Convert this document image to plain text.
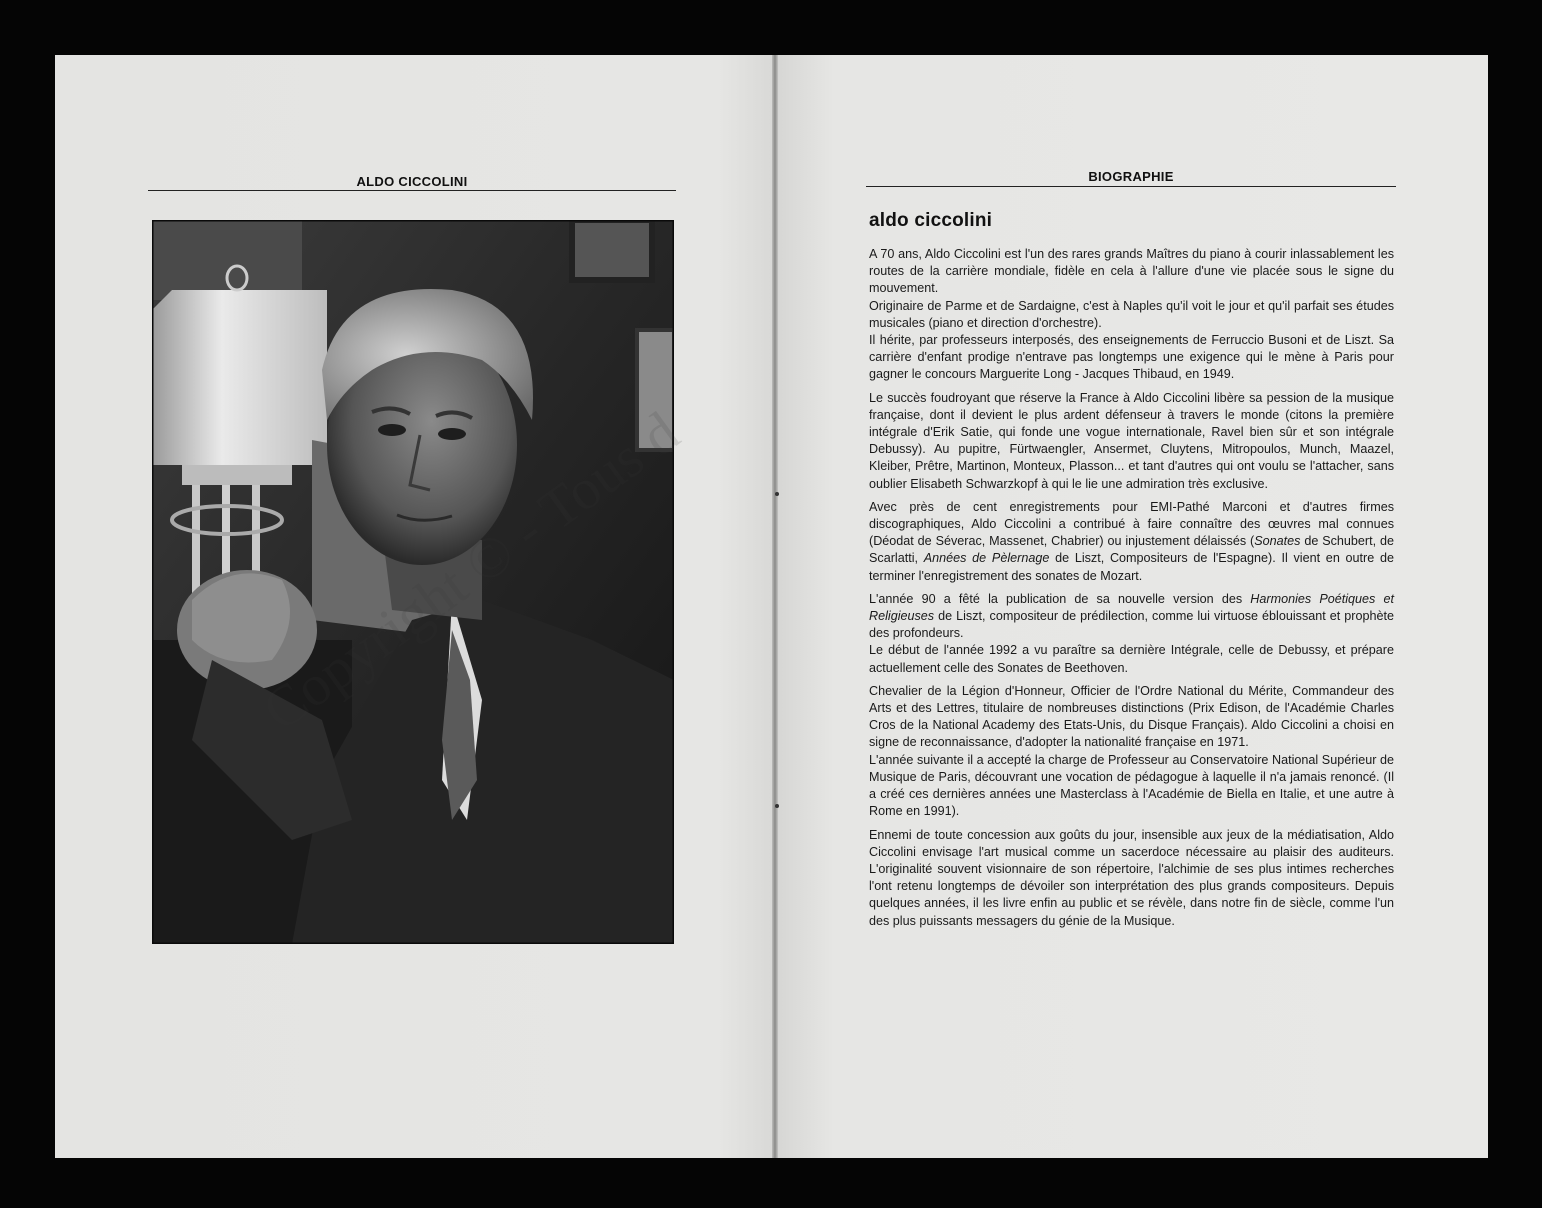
ALDO CICCOLINI	BIOGRAPHIE
aldo ciccolini

A 70 ans, Aldo Ciccolini est l'un des rares grands Maîtres du piano à courir inlassablement les routes de la carrière mondiale, fidèle en cela à l'allure d'une vie placée sous le signe du mouvement.
Originaire de Parme et de Sardaigne, c'est à Naples qu'il voit le jour et qu'il parfait ses études musicales (piano et direction d'orchestre).
Il hérite, par professeurs interposés, des enseignements de Ferruccio Busoni et de Liszt. Sa carrière d'enfant prodige n'entrave pas longtemps une exigence qui le mène à Paris pour gagner le concours Marguerite Long - Jacques Thibaud, en 1949.

Le succès foudroyant que réserve la France à Aldo Ciccolini libère sa pession de la musique française, dont il devient le plus ardent défenseur à travers le monde (citons la première intégrale d'Erik Satie, qui fonde une vogue internationale, Ravel bien sûr et son intégrale Debussy). Au pupitre, Fürtwaengler, Ansermet, Cluytens, Mitropoulos, Munch, Maazel, Kleiber, Prêtre, Martinon, Monteux, Plasson... et tant d'autres qui ont voulu se l'attacher, sans oublier Elisabeth Schwarzkopf à qui le lie une admiration très exclusive.

Avec près de cent enregistrements pour EMI-Pathé Marconi et d'autres firmes discographiques, Aldo Ciccolini a contribué à faire connaître des œuvres mal connues (Déodat de Séverac, Massenet, Chabrier) ou injustement délaissés (Sonates de Schubert, de Scarlatti, Années de Pèlernage de Liszt, Compositeurs de l'Espagne). Il vient en outre de terminer l'enregistrement des sonates de Mozart.

L'année 90 a fêté la publication de sa nouvelle version des Harmonies Poétiques et Religieuses de Liszt, compositeur de prédilection, comme lui virtuose éblouissant et prophète des profondeurs.
Le début de l'année 1992 a vu paraître sa dernière Intégrale, celle de Debussy, et prépare actuellement celle des Sonates de Beethoven.

Chevalier de la Légion d'Honneur, Officier de l'Ordre National du Mérite, Commandeur des Arts et des Lettres, titulaire de nombreuses distinctions (Prix Edison, de l'Académie Charles Cros de la National Academy des Etats-Unis, du Disque Français). Aldo Ciccolini a choisi en signe de reconnaissance, d'adopter la nationalité française en 1971.
L'année suivante il a accepté la charge de Professeur au Conservatoire National Supérieur de Musique de Paris, découvrant une vocation de pédagogue à laquelle il n'a jamais renoncé. (Il a créé ces dernières années une Masterclass à l'Académie de Biella en Italie, et une autre à Rome en 1991).

Ennemi de toute concession aux goûts du jour, insensible aux jeux de la médiatisation, Aldo Ciccolini envisage l'art musical comme un sacerdoce nécessaire au plaisir des auditeurs. L'originalité souvent visionnaire de son répertoire, l'alchimie de ses plus intimes recherches l'ont retenu longtemps de dévoiler son interprétation des plus grands compositeurs. Depuis quelques années, il les livre enfin au public et se révèle, dans notre fin de siècle, comme l'un des plus puissants messagers du génie de la Musique.
